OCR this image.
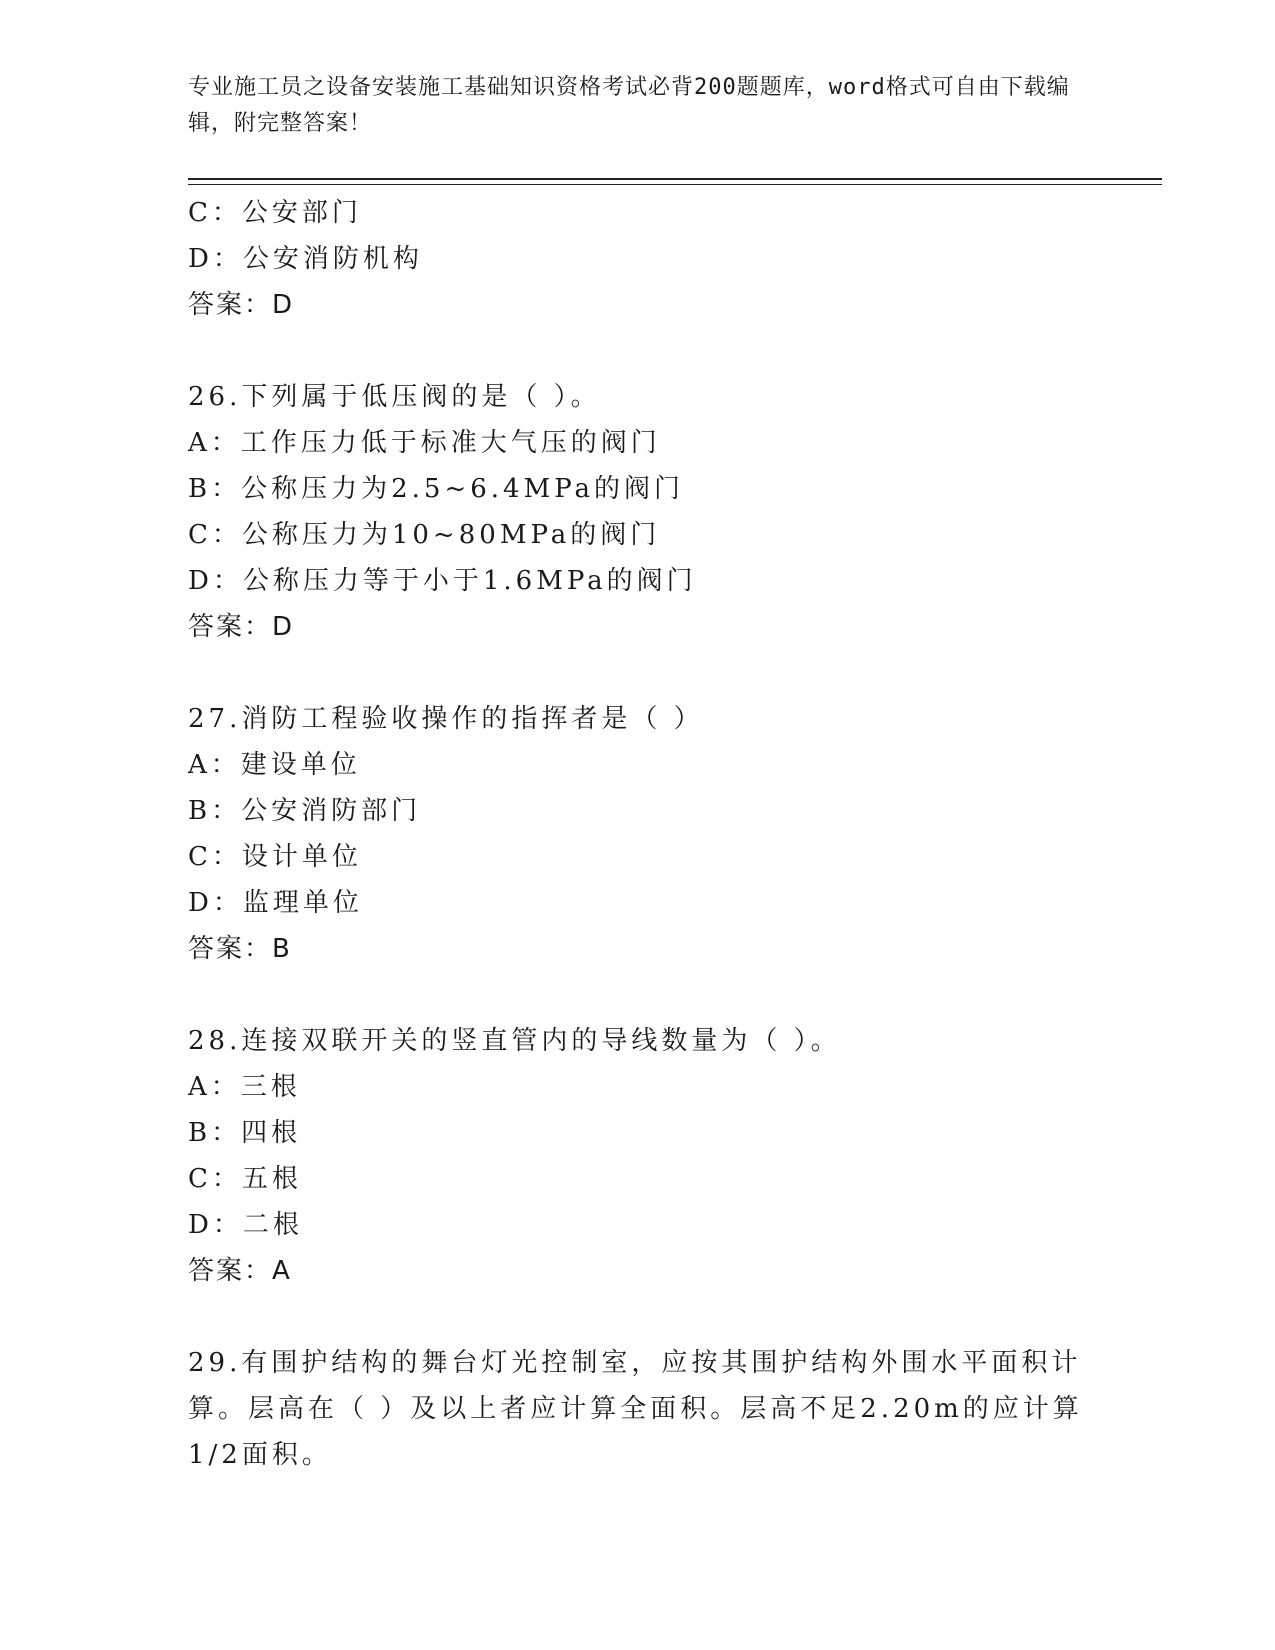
专业施工员之设备安装施工基础知识资格考试必背200题题库，word格式可自由下载编辑，附完整答案！
C：公安部门
D：公安消防机构
答案：D
26.下列属于低压阀的是（ ）。
A：工作压力低于标准大气压的阀门
B：公称压力为2.5~6.4MPa的阀门
C：公称压力为10~80MPa的阀门
D：公称压力等于小于1.6MPa的阀门
答案：D
27.消防工程验收操作的指挥者是（ ）
A：建设单位
B：公安消防部门
C：设计单位
D：监理单位
答案：B
28.连接双联开关的竖直管内的导线数量为（ ）。
A：三根
B：四根
C：五根
D：二根
答案：A
29.有围护结构的舞台灯光控制室，应按其围护结构外围水平面积计算。层高在（ ）及以上者应计算全面积。层高不足2.20m的应计算1/2面积。
